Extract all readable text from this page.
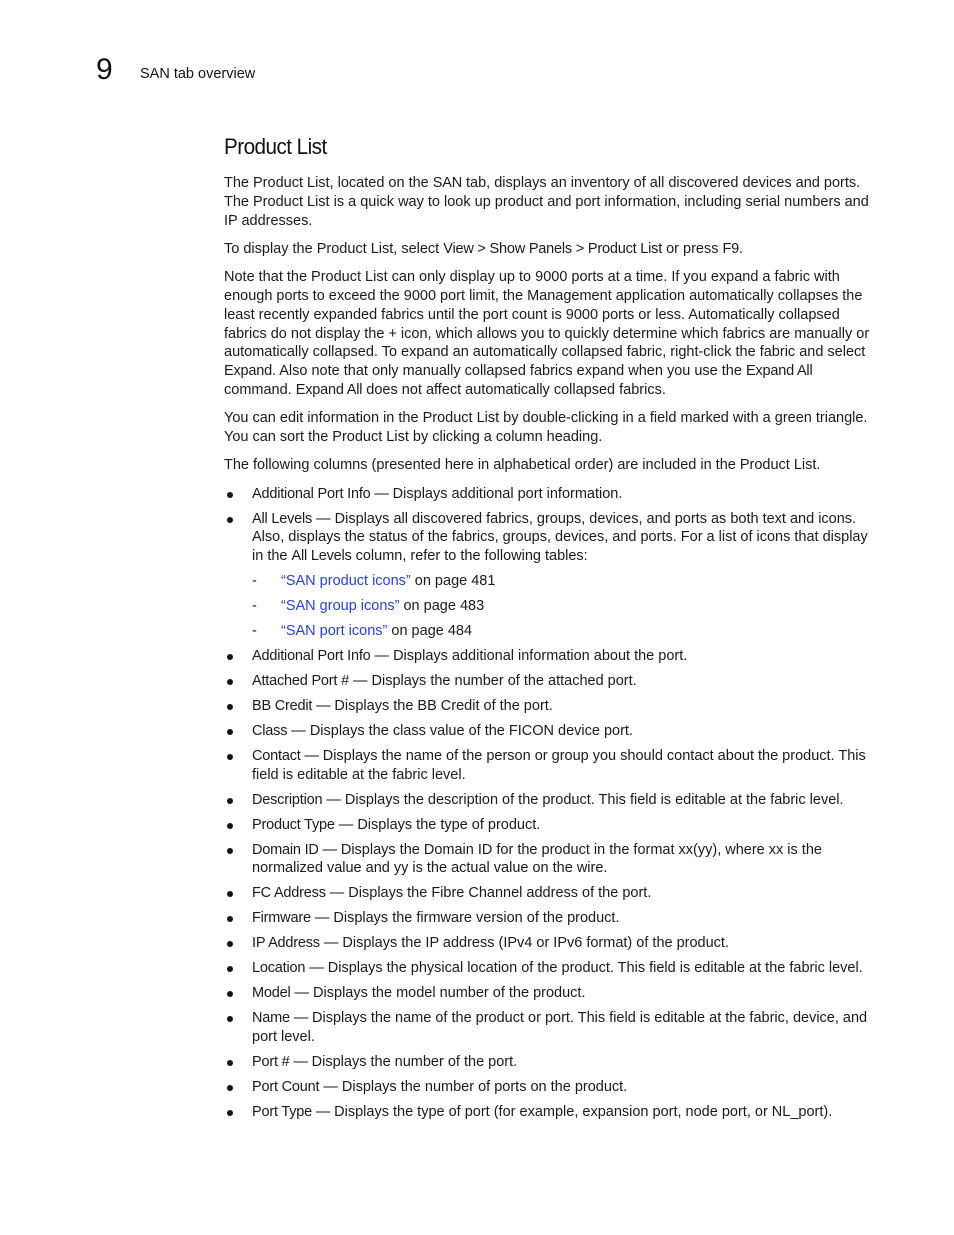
9 SAN tab overview
Product List

The Product List, located on the SAN tab, displays an inventory of all discovered devices and ports. The Product List is a quick way to look up product and port information, including serial numbers and IP addresses.

To display the Product List, select View > Show Panels > Product List or press F9.

Note that the Product List can only display up to 9000 ports at a time. If you expand a fabric with enough ports to exceed the 9000 port limit, the Management application automatically collapses the least recently expanded fabrics until the port count is 9000 ports or less. Automatically collapsed fabrics do not display the + icon, which allows you to quickly determine which fabrics are manually or automatically collapsed. To expand an automatically collapsed fabric, right-click the fabric and select Expand. Also note that only manually collapsed fabrics expand when you use the Expand All command. Expand All does not affect automatically collapsed fabrics.

You can edit information in the Product List by double-clicking in a field marked with a green triangle. You can sort the Product List by clicking a column heading.

The following columns (presented here in alphabetical order) are included in the Product List.

Additional Port Info — Displays additional port information.
All Levels — Displays all discovered fabrics, groups, devices, and ports as both text and icons. Also, displays the status of the fabrics, groups, devices, and ports. For a list of icons that display in the All Levels column, refer to the following tables:
- “SAN product icons” on page 481
- “SAN group icons” on page 483
- “SAN port icons” on page 484
Additional Port Info — Displays additional information about the port.
Attached Port # — Displays the number of the attached port.
BB Credit — Displays the BB Credit of the port.
Class — Displays the class value of the FICON device port.
Contact — Displays the name of the person or group you should contact about the product. This field is editable at the fabric level.
Description — Displays the description of the product. This field is editable at the fabric level.
Product Type — Displays the type of product.
Domain ID — Displays the Domain ID for the product in the format xx(yy), where xx is the normalized value and yy is the actual value on the wire.
FC Address — Displays the Fibre Channel address of the port.
Firmware — Displays the firmware version of the product.
IP Address — Displays the IP address (IPv4 or IPv6 format) of the product.
Location — Displays the physical location of the product. This field is editable at the fabric level.
Model — Displays the model number of the product.
Name — Displays the name of the product or port. This field is editable at the fabric, device, and port level.
Port # — Displays the number of the port.
Port Count — Displays the number of ports on the product.
Port Type — Displays the type of port (for example, expansion port, node port, or NL_port).
